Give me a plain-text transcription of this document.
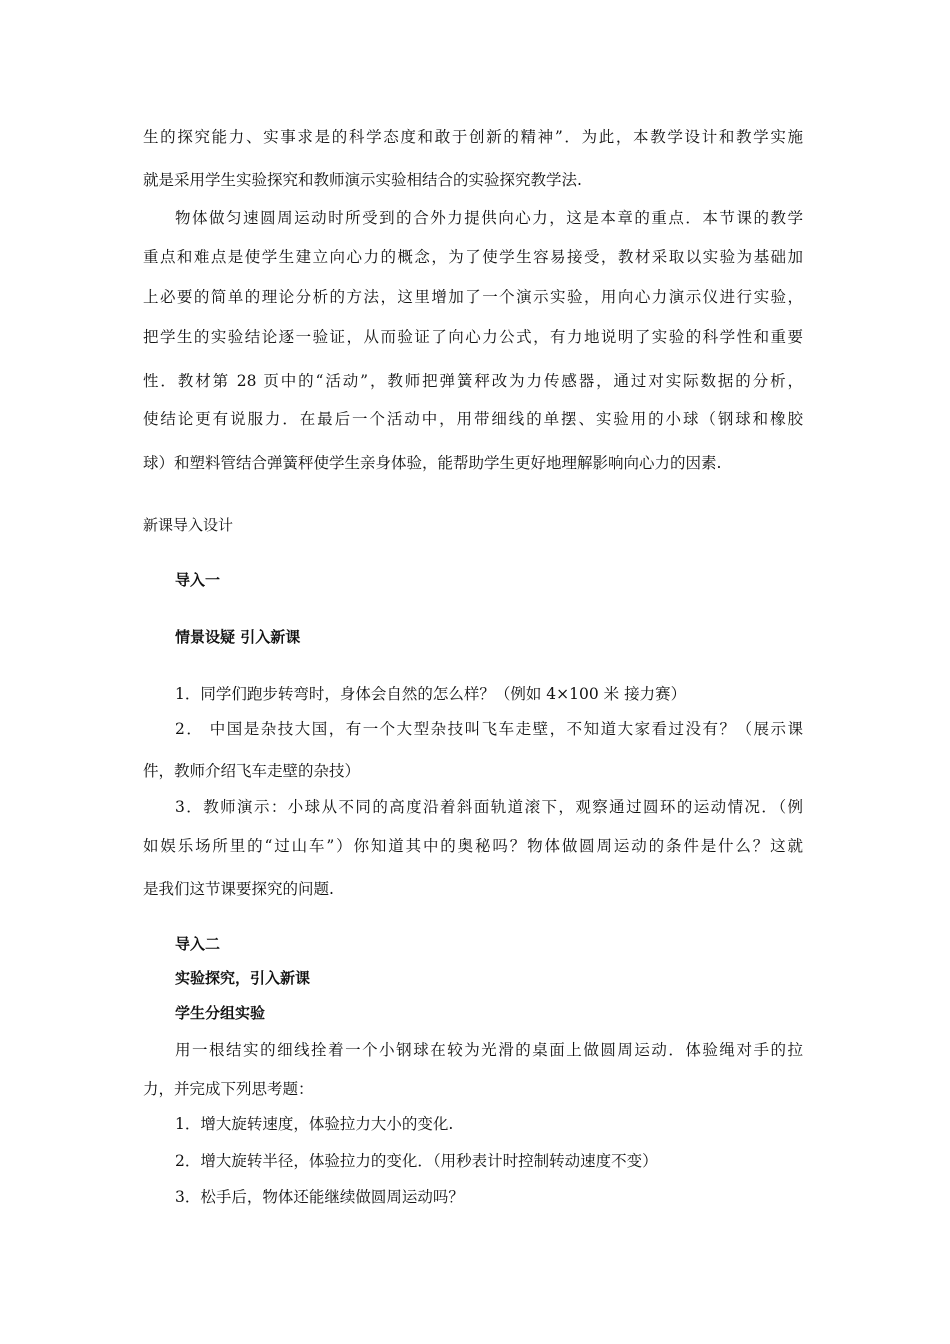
生的探究能力、实事求是的科学态度和敢于创新的精神”．为此，本教学设计和教学实施
就是采用学生实验探究和教师演示实验相结合的实验探究教学法.
物体做匀速圆周运动时所受到的合外力提供向心力，这是本章的重点．本节课的教学
重点和难点是使学生建立向心力的概念，为了使学生容易接受，教材采取以实验为基础加
上必要的简单的理论分析的方法，这里增加了一个演示实验，用向心力演示仪进行实验，
把学生的实验结论逐一验证，从而验证了向心力公式，有力地说明了实验的科学性和重要
性．教材第 28 页中的“活动”，教师把弹簧秤改为力传感器，通过对实际数据的分析，
使结论更有说服力．在最后一个活动中，用带细线的单摆、实验用的小球（钢球和橡胶
球）和塑料管结合弹簧秤使学生亲身体验，能帮助学生更好地理解影响向心力的因素.
新课导入设计
导入一
情景设疑 引入新课
1．同学们跑步转弯时，身体会自然的怎么样？（例如 4×100 米 接力赛）
2． 中国是杂技大国，有一个大型杂技叫飞车走壁，不知道大家看过没有？（展示课
件，教师介绍飞车走壁的杂技）
3．教师演示：小球从不同的高度沿着斜面轨道滚下，观察通过圆环的运动情况．（例
如娱乐场所里的“过山车”）你知道其中的奥秘吗？物体做圆周运动的条件是什么？这就
是我们这节课要探究的问题.
导入二
实验探究，引入新课
学生分组实验
用一根结实的细线拴着一个小钢球在较为光滑的桌面上做圆周运动．体验绳对手的拉
力，并完成下列思考题：
1．增大旋转速度，体验拉力大小的变化.
2．增大旋转半径，体验拉力的变化．（用秒表计时控制转动速度不变）
3．松手后，物体还能继续做圆周运动吗？
